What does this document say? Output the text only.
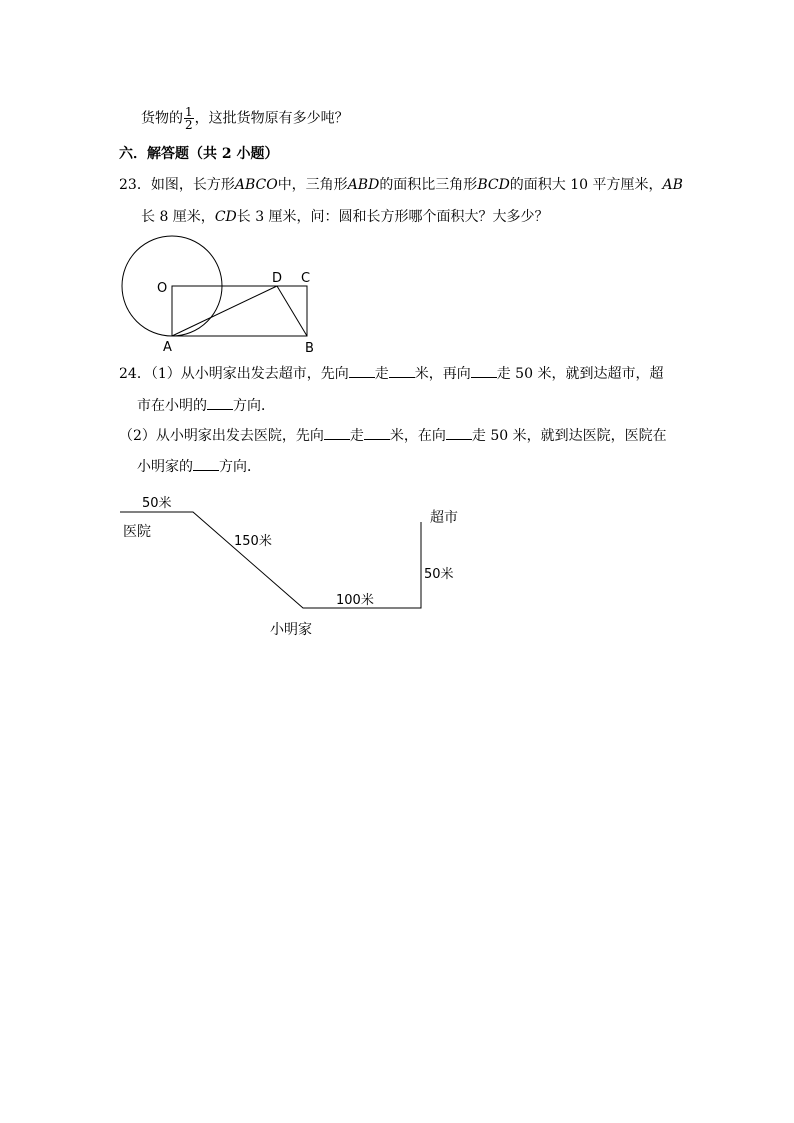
货物的 $\frac{1}{2}$ ，这批货物原有多少吨？
六．解答题（共 2 小题）
23．如图，长方形ABCO中，三角形ABD的面积比三角形BCD的面积大 10 平方厘米，AB
长 8 厘米，CD长 3 厘米，问：圆和长方形哪个面积大？大多少？
O
D C
A	B
24．（1）从小明家出发去超市，先向 走 米，再向 走 50 米，就到达超市，超
市在小明的 方向．
（2）从小明家出发去医院，先向 走 米，在向 走 50 米，就到达医院，医院在
小明家的 方向．
医院
超市
小明家
50米
150米
100米
50米
